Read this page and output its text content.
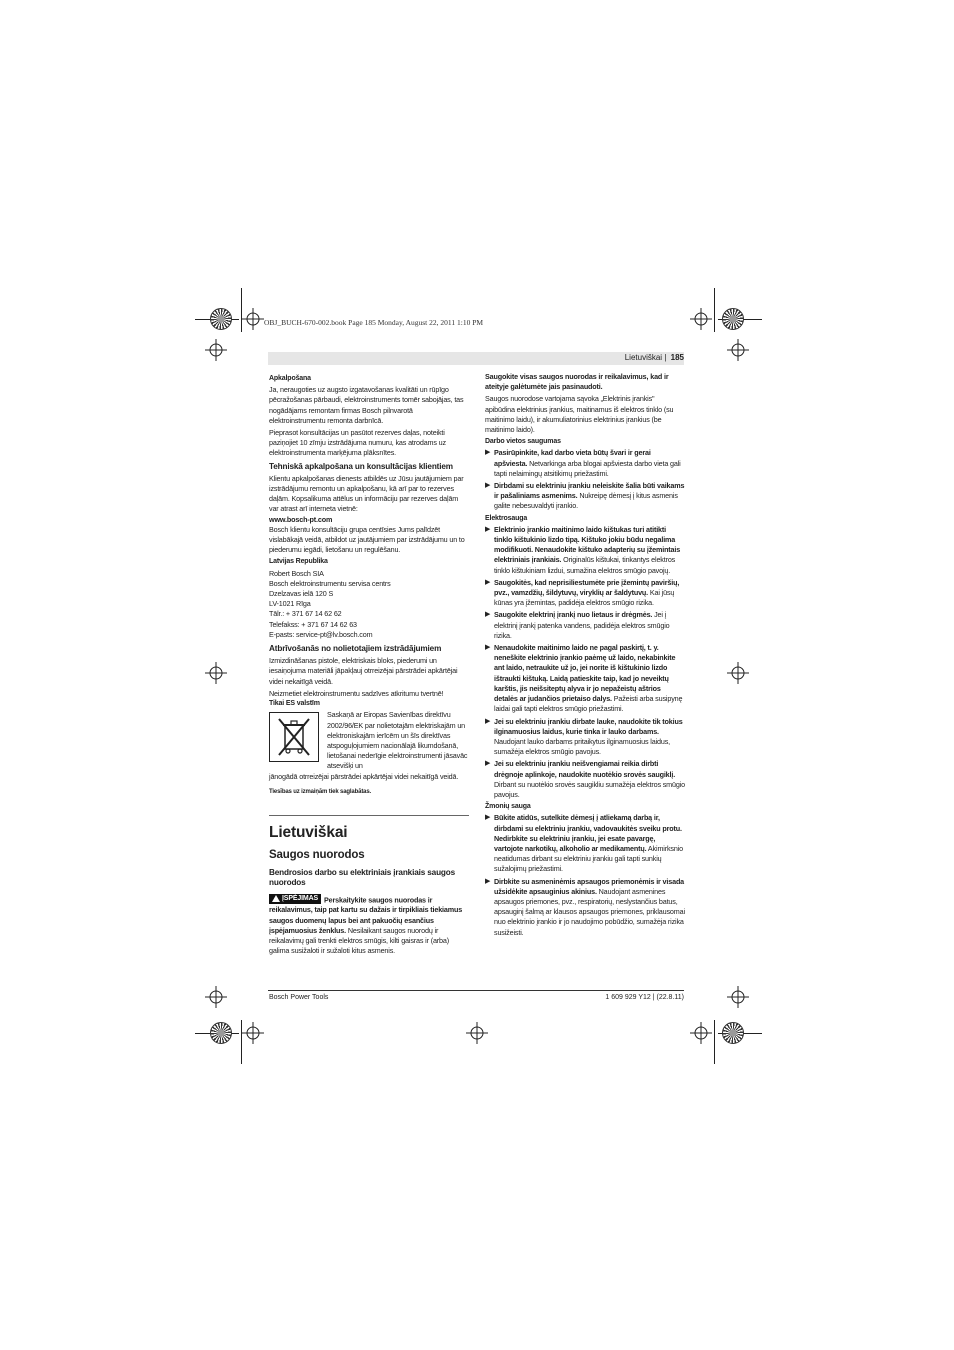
OBJ_BUCH-670-002.book Page 185 Monday, August 22, 2011 1:10 PM
Lietuviškai | 185
Apkalpošana

Ja, neraugoties uz augsto izgatavošanas kvalitāti un rūpīgo pēcražošanas pārbaudi, elektroinstruments tomēr sabojājas, tas nogādājams remontam firmas Bosch pilnvarotā elektroinstrumentu remonta darbnīcā.

Pieprasot konsultācijas un pasūtot rezerves daļas, noteikti paziņojiet 10 zīmju izstrādājuma numuru, kas atrodams uz elektroinstrumenta marķējuma plāksnītes.

Tehniskā apkalpošana un konsultācijas klientiem

Klientu apkalpošanas dienests atbildēs uz Jūsu jautājumiem par izstrādājumu remontu un apkalpošanu, kā arī par to rezerves daļām. Kopsalikuma attēlus un informāciju par rezerves daļām var atrast arī interneta vietnē:

www.bosch-pt.com

Bosch klientu konsultāciju grupa centīsies Jums palīdzēt vislabākajā veidā, atbildot uz jautājumiem par izstrādājumu un to piederumu iegādi, lietošanu un regulēšanu.

Latvijas Republika
Robert Bosch SIA
Bosch elektroinstrumentu servisa centrs
Dzelzavas ielā 120 S
LV-1021 Rīga
Tālr.: + 371 67 14 62 62
Telefakss: + 371 67 14 62 63
E-pasts: service-pt@lv.bosch.com
Atbrīvošanās no nolietotajiem izstrādājumiem

Izmizdināšanas pistole, elektriskais bloks, piederumi un iesaiņojuma materiāli jāpakļauj otrreizējai pārstrādei apkārtējai videi nekaitīgā veidā.

Neizmetiet elektroinstrumentu sadzīves atkritumu tvertnē!

Tikai ES valstīm
Saskaņā ar Eiropas Savienības direktīvu 2002/96/EK par nolietotajām elektriskajām un elektroniskajām ierīcēm un šīs direktīvas atspoguļojumiem nacionālajā likumdošanā, lietošanai nederīgie elektroinstrumenti jāsavāc atsevišķi un

jānogādā otrreizējai pārstrādei apkārtējai videi nekaitīgā veidā.

Tiesības uz izmaiņām tiek saglabātas.

Lietuviškai
Saugos nuorodos
Bendrosios darbo su elektriniais įrankiais saugos nuorodos

ĮSPĖJIMAS Perskaitykite saugos nuorodas ir reikalavimus, taip pat kartu su dažais ir tirpikliais tiekiamus saugos duomenų lapus bei ant pakuočių esančius įspėjamuosius ženklus. Nesilaikant saugos nuorodų ir reikalavimų gali trenkti elektros smūgis, kilti gaisras ir (arba) galima susižaloti ir sužaloti kitus asmenis.

Saugokite visas saugos nuorodas ir reikalavimus, kad ir ateityje galėtumėte jais pasinaudoti.

Saugos nuorodose vartojama sąvoka „Elektrinis įrankis" apibūdina elektrinius įrankius, maitinamus iš elektros tinklo (su maitinimo laidu), ir akumuliatorinius elektrinius įrankius (be maitinimo laido).

Darbo vietos saugumas
▶ Pasirūpinkite, kad darbo vieta būtų švari ir gerai apšviesta. Netvarkinga arba blogai apšviesta darbo vieta gali tapti nelaimingų atsitikimų priežastimi.
▶ Dirbdami su elektriniu įrankiu neleiskite šalia būti vaikams ir pašaliniams asmenims. Nukreipę dėmesį į kitus asmenis galite nebesuvaldyti įrankio.
Elektrosauga
▶ Elektrinio įrankio maitinimo laido kištukas turi atitikti tinklo kištukinio lizdo tipą. Kištuko jokiu būdu negalima modifikuoti. Nenaudokite kištuko adapterių su įžemintais elektriniais įrankiais. Originalūs kištukai, tinkantys elektros tinklo kištukiniam lizdui, sumažina elektros smūgio pavojų.
▶ Saugokitės, kad neprisiliestumėte prie įžemintų paviršių, pvz., vamzdžių, šildytuvų, viryklių ar šaldytuvų. Kai jūsų kūnas yra įžemintas, padidėja elektros smūgio rizika.
▶ Saugokite elektrinį įrankį nuo lietaus ir drėgmės. Jei į elektrinį įrankį patenka vandens, padidėja elektros smūgio rizika.
▶ Nenaudokite maitinimo laido ne pagal paskirtį, t. y. neneškite elektrinio įrankio paėmę už laido, nekabinkite ant laido, netraukite už jo, jei norite iš kištukinio lizdo ištraukti kištuką. Laidą patieskite taip, kad jo neveiktų karštis, jis neišsiteptų alyva ir jo nepažeistų aštrios detalės ar judančios prietaiso dalys. Pažeisti arba susipynę laidai gali tapti elektros smūgio priežastimi.
▶ Jei su elektriniu įrankiu dirbate lauke, naudokite tik tokius ilginamuosius laidus, kurie tinka ir lauko darbams. Naudojant lauko darbams pritaikytus ilginamuosius laidus, sumažėja elektros smūgio pavojus.
▶ Jei su elektriniu įrankiu neišvengiamai reikia dirbti drėgnoje aplinkoje, naudokite nuotėkio srovės saugiklį. Dirbant su nuotėkio srovės saugikliu sumažėja elektros smūgio pavojus.
Žmonių sauga
▶ Būkite atidūs, sutelkite dėmesį į atliekamą darbą ir, dirbdami su elektriniu įrankiu, vadovaukitės sveiku protu. Nedirbkite su elektriniu įrankiu, jei esate pavargę, vartojote narkotikų, alkoholio ar medikamentų. Akimirksnio neatidumas dirbant su elektriniu įrankiu gali tapti sunkių sužalojimų priežastimi.
▶ Dirbkite su asmeninėmis apsaugos priemonėmis ir visada užsidėkite apsauginius akinius. Naudojant asmenines apsaugos priemones, pvz., respiratorių, neslystančius batus, apsauginį šalmą ar klausos apsaugos priemones, priklausomai nuo elektrinio įrankio ir jo naudojimo pobūdžio, sumažėja rizika susižeisti.
Bosch Power Tools	1 609 929 Y12 | (22.8.11)
